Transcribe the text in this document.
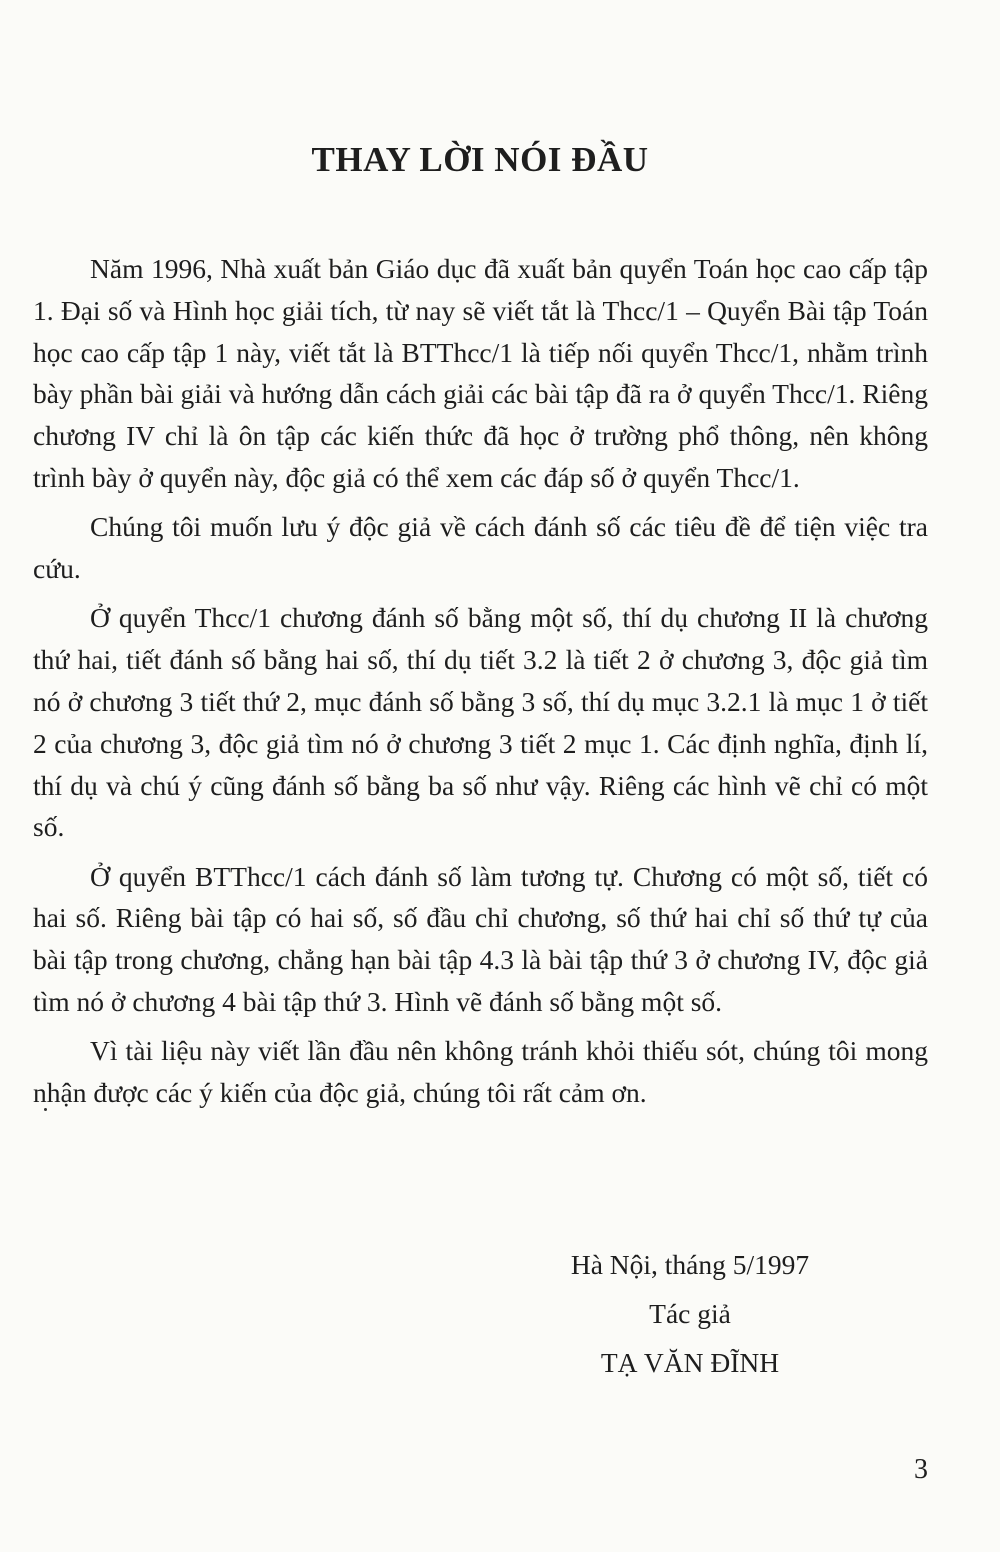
THAY LỜI NÓI ĐẦU

Năm 1996, Nhà xuất bản Giáo dục đã xuất bản quyển Toán học cao cấp tập 1. Đại số và Hình học giải tích, từ nay sẽ viết tắt là Thcc/1 – Quyển Bài tập Toán học cao cấp tập 1 này, viết tắt là BTThcc/1 là tiếp nối quyển Thcc/1, nhằm trình bày phần bài giải và hướng dẫn cách giải các bài tập đã ra ở quyển Thcc/1. Riêng chương IV chỉ là ôn tập các kiến thức đã học ở trường phổ thông, nên không trình bày ở quyển này, độc giả có thể xem các đáp số ở quyển Thcc/1.

Chúng tôi muốn lưu ý độc giả về cách đánh số các tiêu đề để tiện việc tra cứu.

Ở quyển Thcc/1 chương đánh số bằng một số, thí dụ chương II là chương thứ hai, tiết đánh số bằng hai số, thí dụ tiết 3.2 là tiết 2 ở chương 3, độc giả tìm nó ở chương 3 tiết thứ 2, mục đánh số bằng 3 số, thí dụ mục 3.2.1 là mục 1 ở tiết 2 của chương 3, độc giả tìm nó ở chương 3 tiết 2 mục 1. Các định nghĩa, định lí, thí dụ và chú ý cũng đánh số bằng ba số như vậy. Riêng các hình vẽ chỉ có một số.

Ở quyển BTThcc/1 cách đánh số làm tương tự. Chương có một số, tiết có hai số. Riêng bài tập có hai số, số đầu chỉ chương, số thứ hai chỉ số thứ tự của bài tập trong chương, chẳng hạn bài tập 4.3 là bài tập thứ 3 ở chương IV, độc giả tìm nó ở chương 4 bài tập thứ 3. Hình vẽ đánh số bằng một số.

Vì tài liệu này viết lần đầu nên không tránh khỏi thiếu sót, chúng tôi mong nhận được các ý kiến của độc giả, chúng tôi rất cảm ơn.

Hà Nội, tháng 5/1997
Tác giả
TẠ VĂN ĐĨNH
3
